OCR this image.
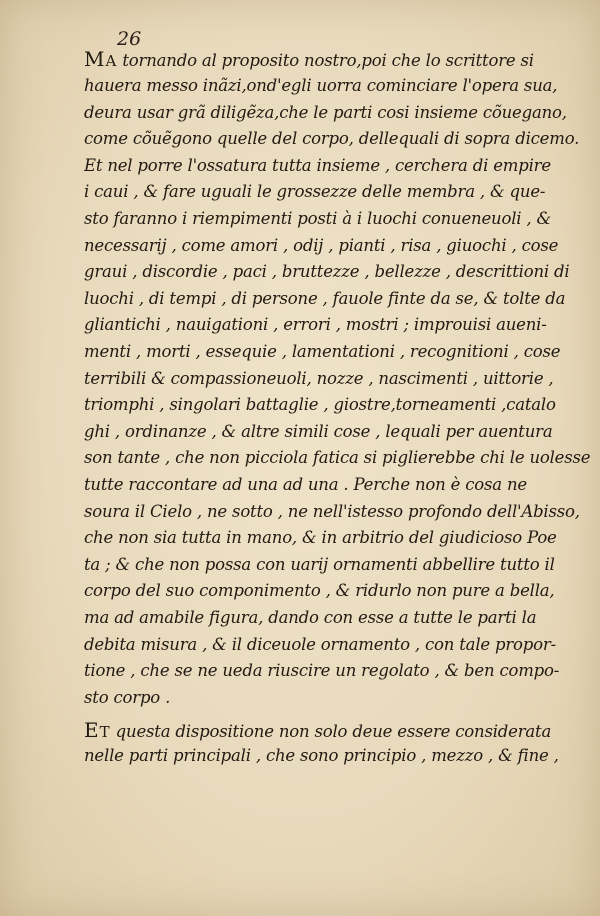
26
MA tornando al proposito nostro,poi che lo scrittore si
hauera messo inãzi,ond'egli uorra cominciare l'opera sua,
deura usar grã diligẽza,che le parti cosi insieme cõuegano,
come cõuẽgono quelle del corpo, dellequali di sopra dicemo.
Et nel porre l'ossatura tutta insieme , cerchera di empire
i caui , & fare uguali le grossezze delle membra , & que-
sto faranno i riempimenti posti à i luochi conueneuoli , &
necessarij , come amori , odij , pianti , risa , giuochi , cose
graui , discordie , paci , bruttezze , bellezze , descrittioni di
luochi , di tempi , di persone , fauole finte da se, & tolte da
gliantichi , nauigationi , errori , mostri ; improuisi aueni-
menti , morti , essequie , lamentationi , recognitioni , cose
terribili & compassioneuoli, nozze , nascimenti , uittorie ,
triomphi , singolari battaglie , giostre,torneamenti ,catalo
ghi , ordinanze , & altre simili cose , lequali per auentura
son tante , che non picciola fatica si piglierebbe chi le uolesse
tutte raccontare ad una ad una . Perche non è cosa ne
soura il Cielo , ne sotto , ne nell'istesso profondo dell'Abisso,
che non sia tutta in mano, & in arbitrio del giudicioso Poe
ta ; & che non possa con uarij ornamenti abbellire tutto il
corpo del suo componimento , & ridurlo non pure a bella,
ma ad amabile figura, dando con esse a tutte le parti la
debita misura , & il diceuole ornamento , con tale propor-
tione , che se ne ueda riuscire un regolato , & ben compo-
sto corpo .
ET questa dispositione non solo deue essere considerata
nelle parti principali , che sono principio , mezzo , & fine ,
